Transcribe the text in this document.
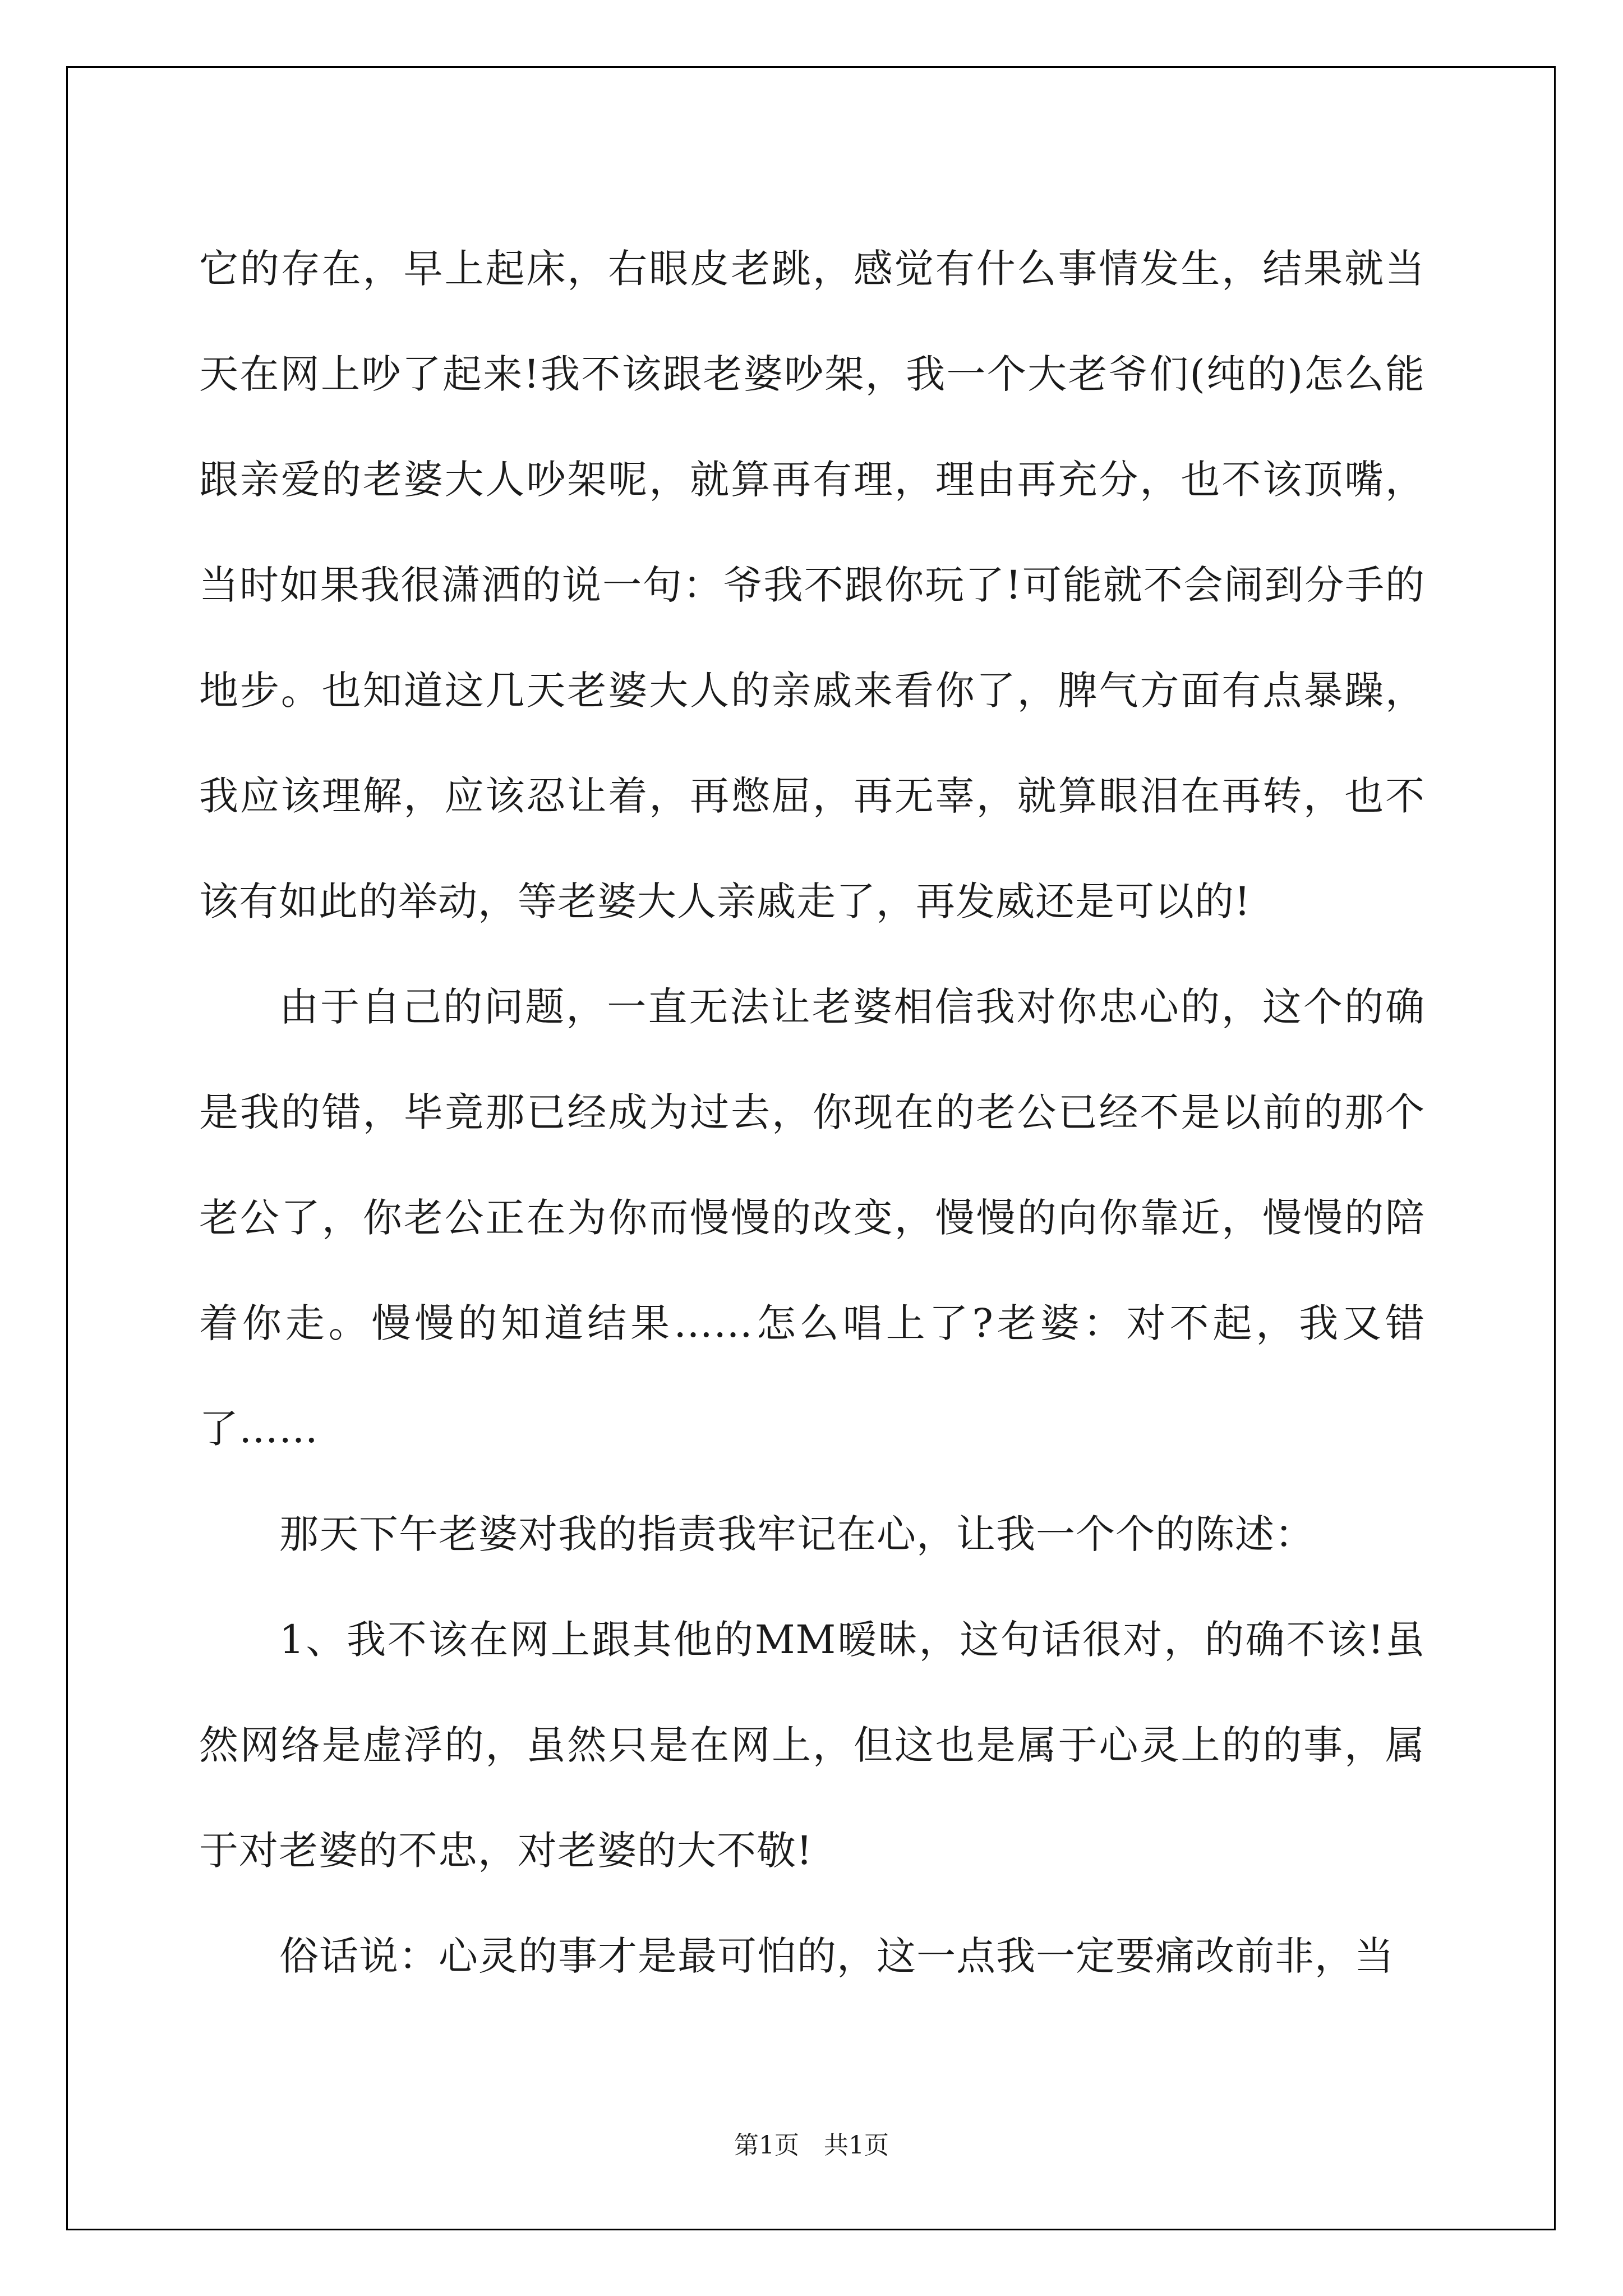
它的存在，早上起床，右眼皮老跳，感觉有什么事情发生，结果就当天在网上吵了起来!我不该跟老婆吵架，我一个大老爷们(纯的)怎么能跟亲爱的老婆大人吵架呢，就算再有理，理由再充分，也不该顶嘴，当时如果我很潇洒的说一句：爷我不跟你玩了!可能就不会闹到分手的地步。也知道这几天老婆大人的亲戚来看你了，脾气方面有点暴躁，我应该理解，应该忍让着，再憋屈，再无辜，就算眼泪在再转，也不该有如此的举动，等老婆大人亲戚走了，再发威还是可以的!

由于自己的问题，一直无法让老婆相信我对你忠心的，这个的确是我的错，毕竟那已经成为过去，你现在的老公已经不是以前的那个老公了，你老公正在为你而慢慢的改变，慢慢的向你靠近，慢慢的陪着你走。慢慢的知道结果……怎么唱上了?老婆：对不起，我又错了……

那天下午老婆对我的指责我牢记在心，让我一个个的陈述：

1、我不该在网上跟其他的MM暧昧，这句话很对，的确不该!虽然网络是虚浮的，虽然只是在网上，但这也是属于心灵上的的事，属于对老婆的不忠，对老婆的大不敬!

俗话说：心灵的事才是最可怕的，这一点我一定要痛改前非，当

第1页　共1页
